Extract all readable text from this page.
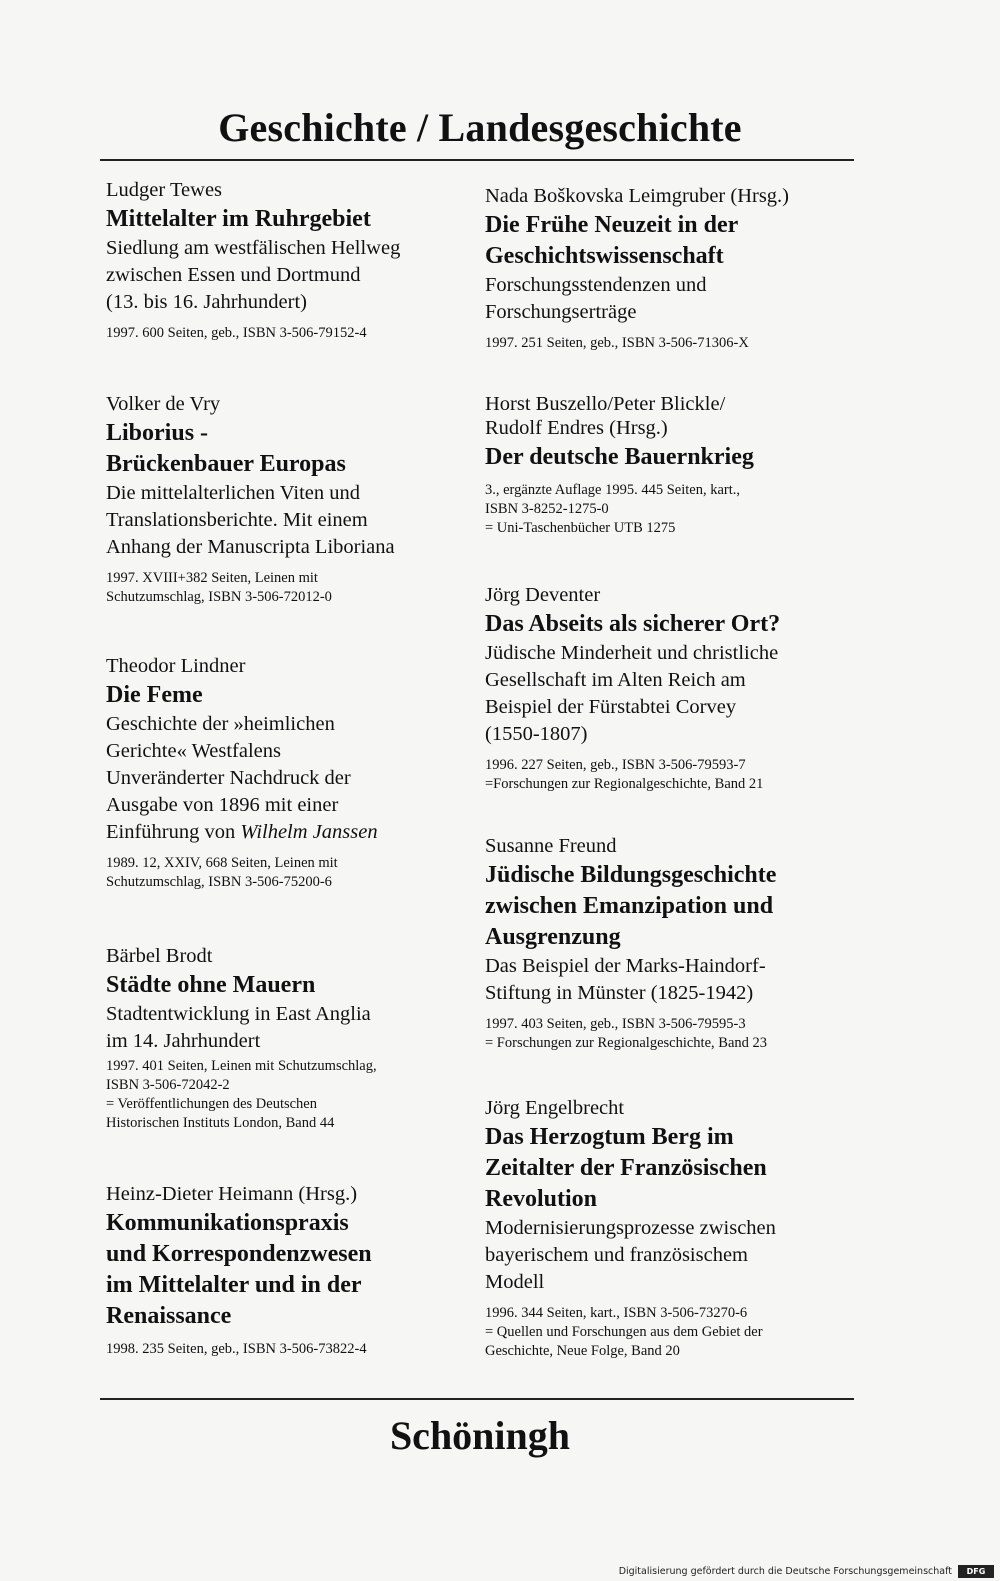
Geschichte / Landesgeschichte
Ludger Tewes
Mittelalter im Ruhrgebiet
Siedlung am westfälischen Hellweg
zwischen Essen und Dortmund
(13. bis 16. Jahrhundert)
1997. 600 Seiten, geb., ISBN 3-506-79152-4
Volker de Vry
Liborius -
Brückenbauer Europas
Die mittelalterlichen Viten und
Translationsberichte. Mit einem
Anhang der Manuscripta Liboriana
1997. XVIII+382 Seiten, Leinen mit
Schutzumschlag, ISBN 3-506-72012-0
Theodor Lindner
Die Feme
Geschichte der »heimlichen
Gerichte« Westfalens
Unveränderter Nachdruck der
Ausgabe von 1896 mit einer
Einführung von Wilhelm Janssen
1989. 12, XXIV, 668 Seiten, Leinen mit
Schutzumschlag, ISBN 3-506-75200-6
Bärbel Brodt
Städte ohne Mauern
Stadtentwicklung in East Anglia
im 14. Jahrhundert
1997. 401 Seiten, Leinen mit Schutzumschlag,
ISBN 3-506-72042-2
= Veröffentlichungen des Deutschen
Historischen Instituts London, Band 44
Heinz-Dieter Heimann (Hrsg.)
Kommunikationspraxis
und Korrespondenzwesen
im Mittelalter und in der
Renaissance
1998. 235 Seiten, geb., ISBN 3-506-73822-4
Nada Boškovska Leimgruber (Hrsg.)
Die Frühe Neuzeit in der
Geschichtswissenschaft
Forschungsstendenzen und
Forschungserträge
1997. 251 Seiten, geb., ISBN 3-506-71306-X
Horst Buszello/Peter Blickle/
Rudolf Endres (Hrsg.)
Der deutsche Bauernkrieg
3., ergänzte Auflage 1995. 445 Seiten, kart.,
ISBN 3-8252-1275-0
= Uni-Taschenbücher UTB 1275
Jörg Deventer
Das Abseits als sicherer Ort?
Jüdische Minderheit und christliche
Gesellschaft im Alten Reich am
Beispiel der Fürstabtei Corvey
(1550-1807)
1996. 227 Seiten, geb., ISBN 3-506-79593-7
=Forschungen zur Regionalgeschichte, Band 21
Susanne Freund
Jüdische Bildungsgeschichte
zwischen Emanzipation und
Ausgrenzung
Das Beispiel der Marks-Haindorf-
Stiftung in Münster (1825-1942)
1997. 403 Seiten, geb., ISBN 3-506-79595-3
= Forschungen zur Regionalgeschichte, Band 23
Jörg Engelbrecht
Das Herzogtum Berg im
Zeitalter der Französischen
Revolution
Modernisierungsprozesse zwischen
bayerischem und französischem
Modell
1996. 344 Seiten, kart., ISBN 3-506-73270-6
= Quellen und Forschungen aus dem Gebiet der
Geschichte, Neue Folge, Band 20
Schöningh
Digitalisierung gefördert durch die Deutsche Forschungsgemeinschaft	DFG
